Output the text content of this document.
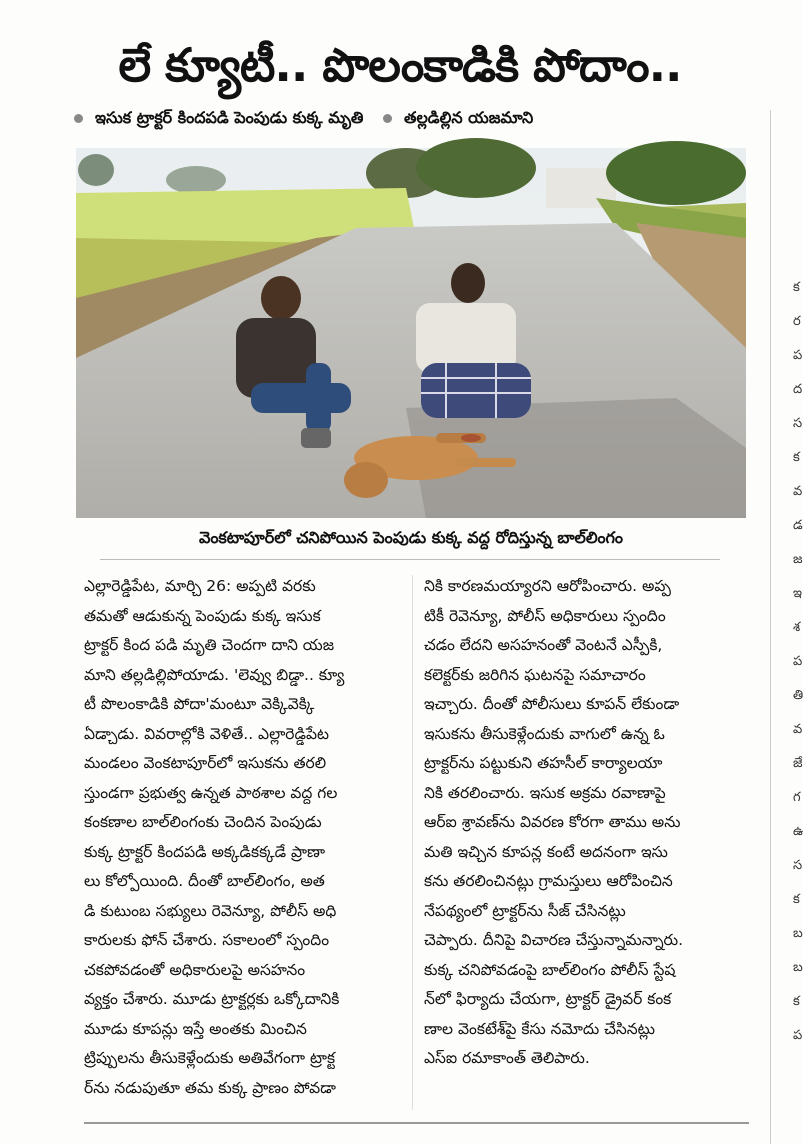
లే క్యూటీ.. పొలంకాడికి పోదాం..
ఇసుక ట్రాక్టర్ కిందపడి పెంపుడు కుక్క మృతి	తల్లడిల్లిన యజమాని
వెంకటాపూర్‌లో చనిపోయిన పెంపుడు కుక్క వద్ద రోదిస్తున్న బాల్‌లింగం
ఎల్లారెడ్డిపేట, మార్చి 26: అప్పటి వరకు
తమతో ఆడుకున్న పెంపుడు కుక్క ఇసుక
ట్రాక్టర్ కింద పడి మృతి చెందగా దాని యజ
మాని తల్లడిల్లిపోయాడు. 'లెవ్వు బిడ్డా.. క్యూ
టీ పొలంకాడికి పోదా'మంటూ వెక్కివెక్కి
ఏడ్చాడు. వివరాల్లోకి వెళితే.. ఎల్లారెడ్డిపేట
మండలం వెంకటాపూర్‌లో ఇసుకను తరలి
స్తుండగా ప్రభుత్వ ఉన్నత పాఠశాల వద్ద గల
కంకణాల బాల్‌లింగంకు చెందిన పెంపుడు
కుక్క ట్రాక్టర్ కిందపడి అక్కడికక్కడే ప్రాణా
లు కోల్పోయింది. దీంతో బాల్‌లింగం, అత
డి కుటుంబ సభ్యులు రెవెన్యూ, పోలీస్ అధి
కారులకు ఫోన్ చేశారు. సకాలంలో స్పందిం
చకపోవడంతో అధికారులపై అసహనం
వ్యక్తం చేశారు. మూడు ట్రాక్టర్లకు ఒక్కోదానికి
మూడు కూపన్లు ఇస్తే అంతకు మించిన
ట్రిప్పులను తీసుకెళ్లేందుకు అతివేగంగా ట్రాక్ట
ర్‌ను నడుపుతూ తమ కుక్క ప్రాణం పోవడా
నికి కారణమయ్యారని ఆరోపించారు. అప్ప
టికీ రెవెన్యూ, పోలీస్ అధికారులు స్పందిం
చడం లేదని అసహనంతో వెంటనే ఎస్పీకి,
కలెక్టర్‌కు జరిగిన ఘటనపై సమాచారం
ఇచ్చారు. దీంతో పోలీసులు కూపన్ లేకుండా
ఇసుకను తీసుకెళ్లేందుకు వాగులో ఉన్న ఓ
ట్రాక్టర్‌ను పట్టుకుని తహసీల్ కార్యాలయా
నికి తరలించారు. ఇసుక అక్రమ రవాణాపై
ఆర్ఐ శ్రావణ్‌ను వివరణ కోరగా తాము అను
మతి ఇచ్చిన కూపన్ల కంటే అదనంగా ఇసు
కను తరలించినట్లు గ్రామస్తులు ఆరోపించిన
నేపథ్యంలో ట్రాక్టర్‌ను సీజ్ చేసినట్లు
చెప్పారు. దీనిపై విచారణ చేస్తున్నామన్నారు.
కుక్క చనిపోవడంపై బాల్‌లింగం పోలీస్ స్టేష
న్‌లో ఫిర్యాదు చేయగా, ట్రాక్టర్ డ్రైవర్ కంక
ణాల వెంకటేశ్‌పై కేసు నమోదు చేసినట్లు
ఎస్ఐ రమాకాంత్ తెలిపారు.
క
ర
ప
ద
స
క
వ
డ
జ
ఇ
శ
ప
తి
వ
జే
గ
ఉ
స
క
బ
బ
క
ప
